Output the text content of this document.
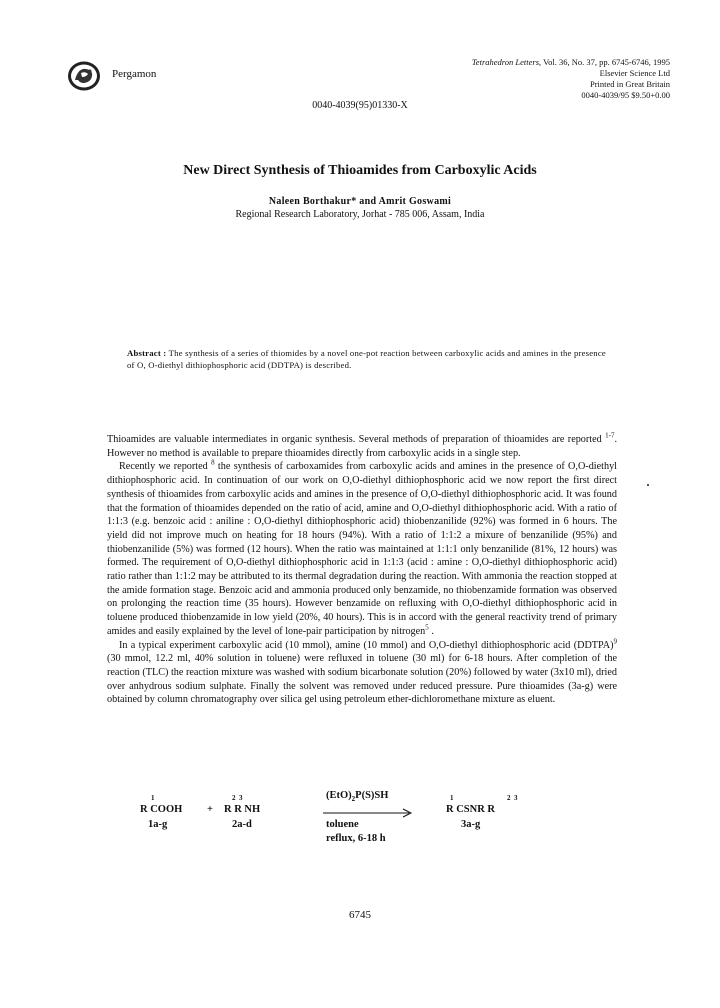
Pergamon
Tetrahedron Letters, Vol. 36, No. 37, pp. 6745-6746, 1995
Elsevier Science Ltd
Printed in Great Britain
0040-4039/95 $9.50+0.00
0040-4039(95)01330-X
New Direct Synthesis of Thioamides from Carboxylic Acids
Naleen Borthakur* and Amrit Goswami
Regional Research Laboratory, Jorhat - 785 006, Assam, India
Abstract : The synthesis of a series of thiomides by a novel one-pot reaction between carboxylic acids and amines in the presence of O, O-diethyl dithiophosphoric acid (DDTPA) is described.

Thioamides are valuable intermediates in organic synthesis. Several methods of preparation of thioamides are reported $^{1-7}$. However no method is available to prepare thioamides directly from carboxylic acids in a single step.

Recently we reported $^8$ the synthesis of carboxamides from carboxylic acids and amines in the presence of O,O-diethyl dithiophosphoric acid. In continuation of our work on O,O-diethyl dithiophosphoric acid we now report the first direct synthesis of thioamides from carboxylic acids and amines in the presence of O,O-diethyl dithiophosphoric acid. It was found that the formation of thioamides depended on the ratio of acid, amine and O,O-diethyl dithiophosphoric acid. With a ratio of 1:1:3 (e.g. benzoic acid : aniline : O,O-diethyl dithiophosphoric acid) thiobenzanilide (92%) was formed in 6 hours. The yield did not improve much on heating for 18 hours (94%). With a ratio of 1:1:2 a mixure of benzanilide (95%) and thiobenzanilide (5%) was formed (12 hours). When the ratio was maintained at 1:1:1 only benzanilide (81%, 12 hours) was formed. The requirement of O,O-diethyl dithiophosphoric acid in 1:1:3 (acid : amine : O,O-diethyl dithiophosphoric acid) ratio rather than 1:1:2 may be attributed to its thermal degradation during the reaction. With ammonia the reaction stopped at the amide formation stage. Benzoic acid and ammonia produced only benzamide, no thiobenzamide formation was observed on prolonging the reaction time (35 hours). However benzamide on refluxing with O,O-diethyl dithiophosphoric acid in toluene produced thiobenzamide in low yield (20%, 40 hours). This is in accord with the general reactivity trend of primary amides and easily explained by the level of lone-pair participation by nitrogen$^5$ .

In a typical experiment carboxylic acid (10 mmol), amine (10 mmol) and O,O-diethyl dithiophosphoric acid (DDTPA)$^9$ (30 mmol, 12.2 ml, 40% solution in toluene) were refluxed in toluene (30 ml) for 6-18 hours. After completion of the reaction (TLC) the reaction mixture was washed with sodium bicarbonate solution (20%) followed by water (3x10 ml), dried over anhydrous sodium sulphate. Finally the solvent was removed under reduced pressure. Pure thioamides (3a-g) were obtained by column chromatography over silica gel using petroleum ether-dichloromethane mixture as eluent.

1
R COOH +
2  3
R R NH
$(EtO)_2P(S)SH$	1	2  3
R CSNR R
1a-g	2a-d	toluene
reflux, 6-18 h
3a-g
6745
